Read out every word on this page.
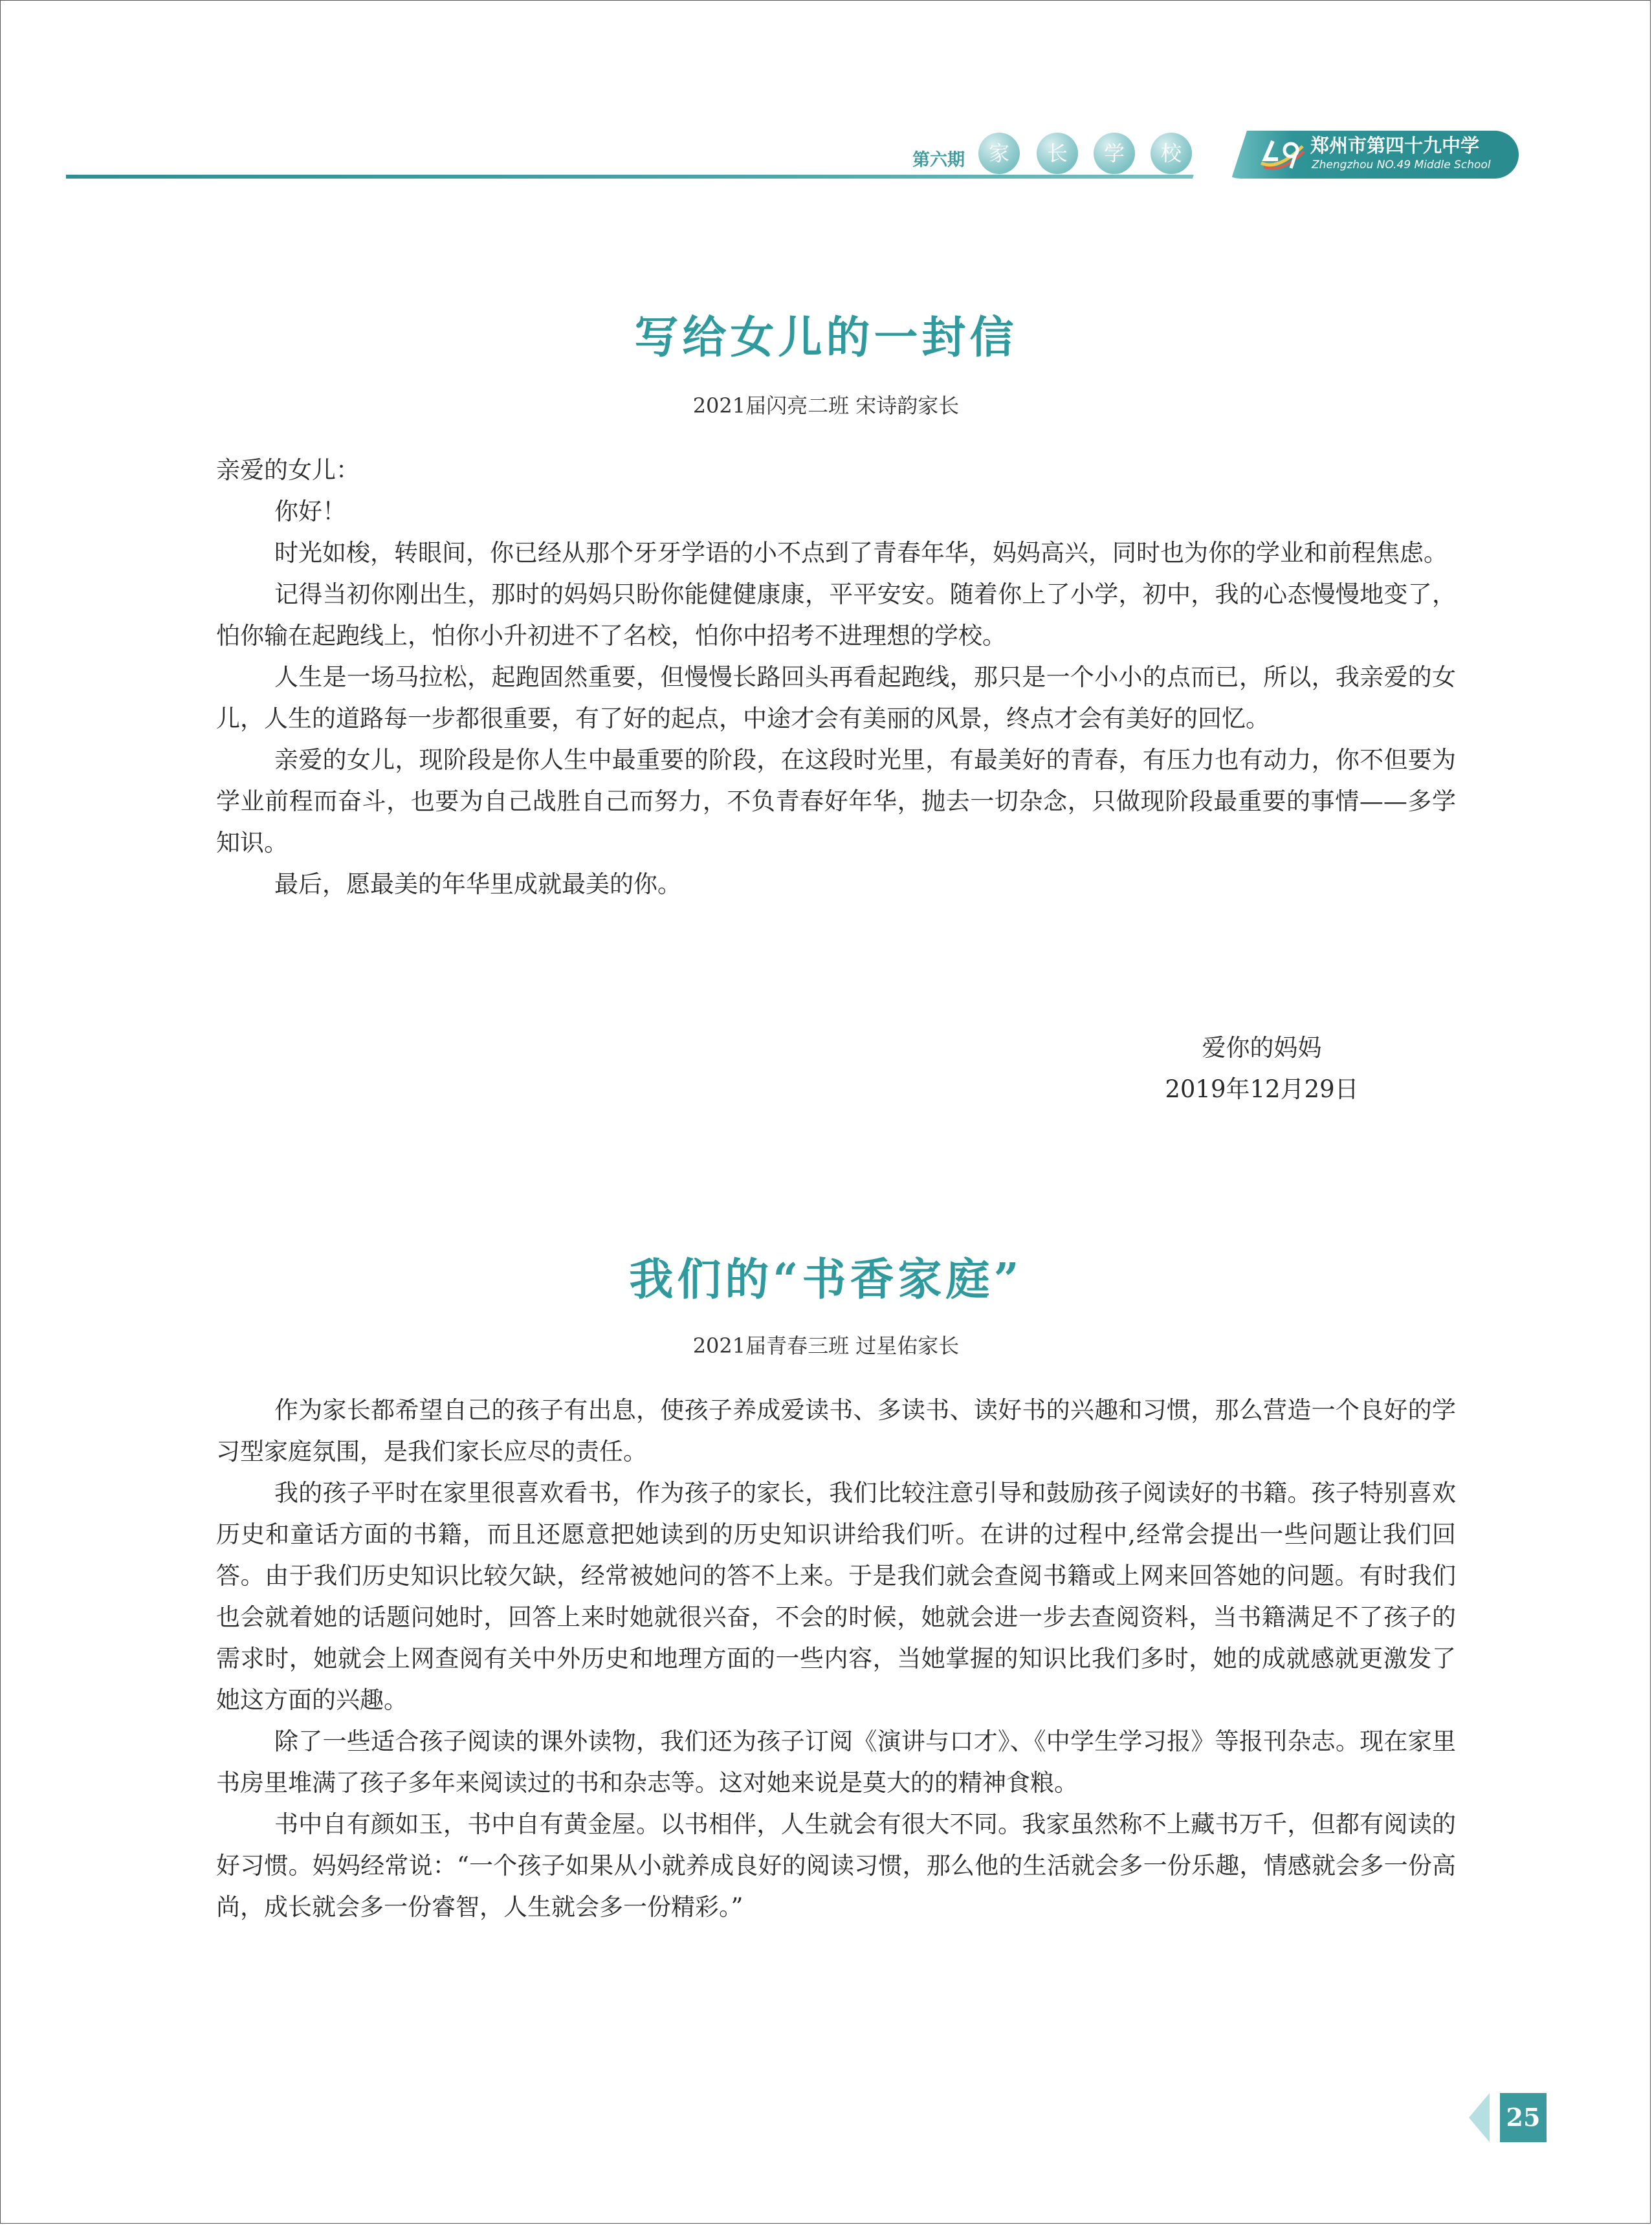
第六期	家	长	学	校	郑州市第四十九中学
Zhengzhou NO.49 Middle School
写给女儿的一封信
2021届闪亮二班 宋诗韵家长

亲爱的女儿：

你好！

时光如梭，转眼间，你已经从那个牙牙学语的小不点到了青春年华，妈妈高兴，同时也为你的学业和前程焦虑。

记得当初你刚出生，那时的妈妈只盼你能健健康康，平平安安。随着你上了小学，初中，我的心态慢慢地变了，怕你输在起跑线上，怕你小升初进不了名校，怕你中招考不进理想的学校。

人生是一场马拉松，起跑固然重要，但慢慢长路回头再看起跑线，那只是一个小小的点而已，所以，我亲爱的女儿，人生的道路每一步都很重要，有了好的起点，中途才会有美丽的风景，终点才会有美好的回忆。

亲爱的女儿，现阶段是你人生中最重要的阶段，在这段时光里，有最美好的青春，有压力也有动力，你不但要为学业前程而奋斗，也要为自己战胜自己而努力，不负青春好年华，抛去一切杂念，只做现阶段最重要的事情——多学知识。

最后，愿最美的年华里成就最美的你。

爱你的妈妈
2019年12月29日
我们的“书香家庭”
2021届青春三班 过星佑家长

作为家长都希望自己的孩子有出息，使孩子养成爱读书、多读书、读好书的兴趣和习惯，那么营造一个良好的学习型家庭氛围，是我们家长应尽的责任。

我的孩子平时在家里很喜欢看书，作为孩子的家长，我们比较注意引导和鼓励孩子阅读好的书籍。孩子特别喜欢历史和童话方面的书籍，而且还愿意把她读到的历史知识讲给我们听。在讲的过程中,经常会提出一些问题让我们回答。由于我们历史知识比较欠缺，经常被她问的答不上来。于是我们就会查阅书籍或上网来回答她的问题。有时我们也会就着她的话题问她时，回答上来时她就很兴奋，不会的时候，她就会进一步去查阅资料，当书籍满足不了孩子的需求时，她就会上网查阅有关中外历史和地理方面的一些内容，当她掌握的知识比我们多时，她的成就感就更激发了她这方面的兴趣。

除了一些适合孩子阅读的课外读物，我们还为孩子订阅《演讲与口才》、《中学生学习报》等报刊杂志。现在家里书房里堆满了孩子多年来阅读过的书和杂志等。这对她来说是莫大的的精神食粮。

书中自有颜如玉，书中自有黄金屋。以书相伴，人生就会有很大不同。我家虽然称不上藏书万千，但都有阅读的好习惯。妈妈经常说：“一个孩子如果从小就养成良好的阅读习惯，那么他的生活就会多一份乐趣，情感就会多一份高尚，成长就会多一份睿智，人生就会多一份精彩。”

25
